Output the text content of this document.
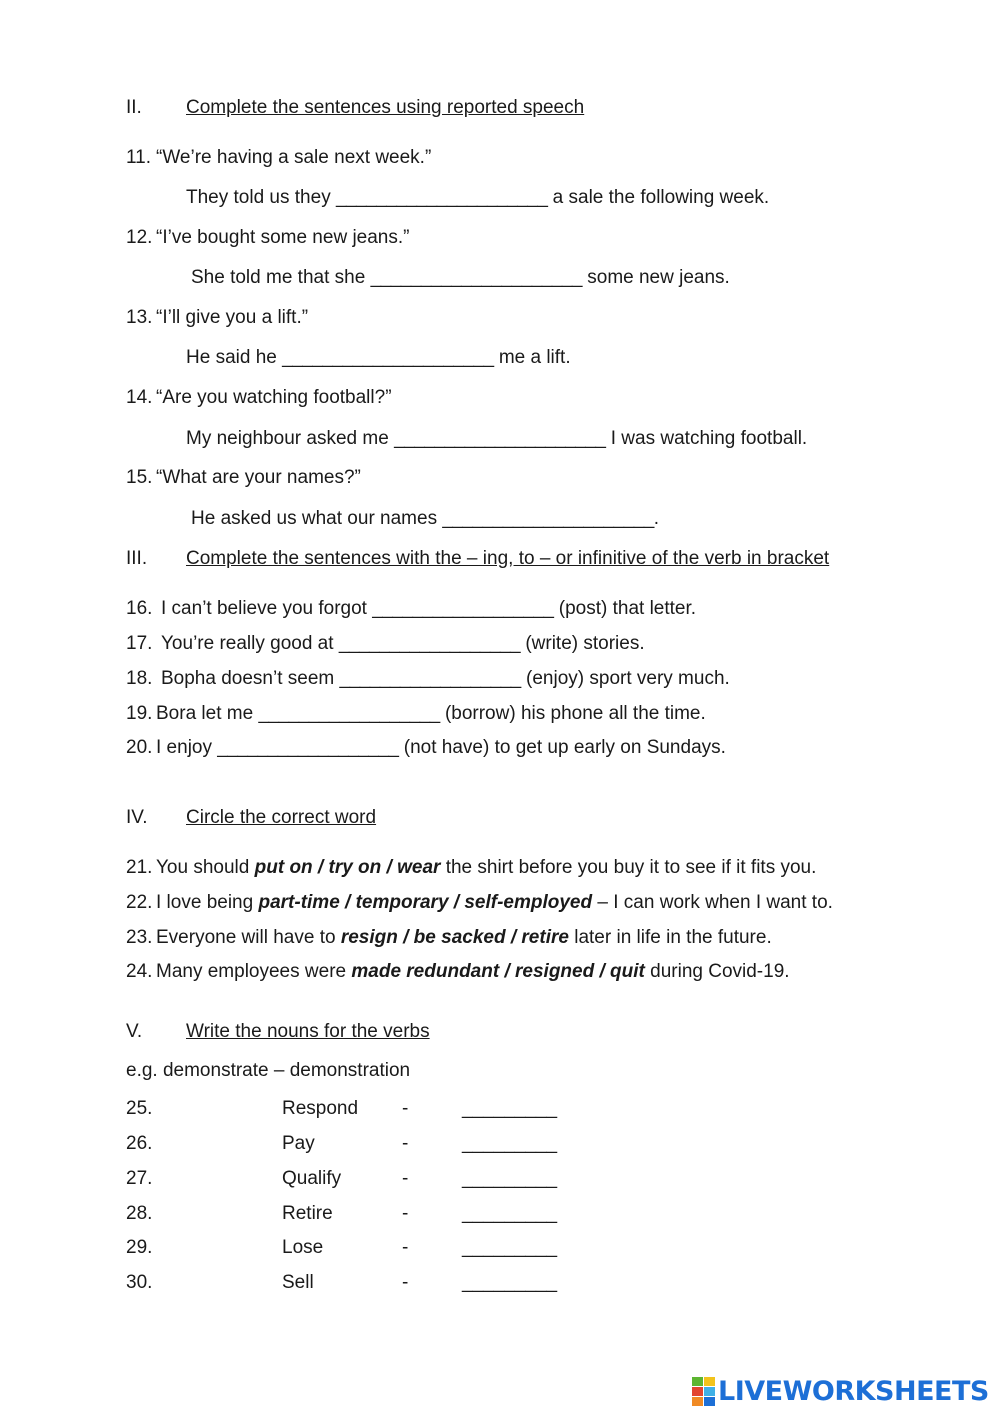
II. Complete the sentences using reported speech
11. “We’re having a sale next week.”
They told us they _____________________ a sale the following week.
12. “I’ve bought some new jeans.”
She told me that she _____________________ some new jeans.
13. “I’ll give you a lift.”
He said he _____________________ me a lift.
14. “Are you watching football?”
My neighbour asked me _____________________ I was watching football.
15. “What are your names?”
He asked us what our names _____________________.
III. Complete the sentences with the – ing, to – or infinitive of the verb in bracket
16. I can’t believe you forgot __________________ (post) that letter.
17. You’re really good at __________________ (write) stories.
18. Bopha doesn’t seem __________________ (enjoy) sport very much.
19. Bora let me __________________ (borrow) his phone all the time.
20. I enjoy __________________ (not have) to get up early on Sundays.
IV. Circle the correct word
21. You should put on / try on / wear the shirt before you buy it to see if it fits you.
22. I love being part-time / temporary / self-employed – I can work when I want to.
23. Everyone will have to resign / be sacked / retire later in life in the future.
24. Many employees were made redundant / resigned / quit during Covid-19.
V. Write the nouns for the verbs
e.g. demonstrate – demonstration
25.	Respond -	_________
26.	Pay	-	_________
27.	Qualify	-	_________
28.	Retire	-	_________
29.	Lose	-	_________
30.	Sell	-	_________
LIVEWORKSHEETS
